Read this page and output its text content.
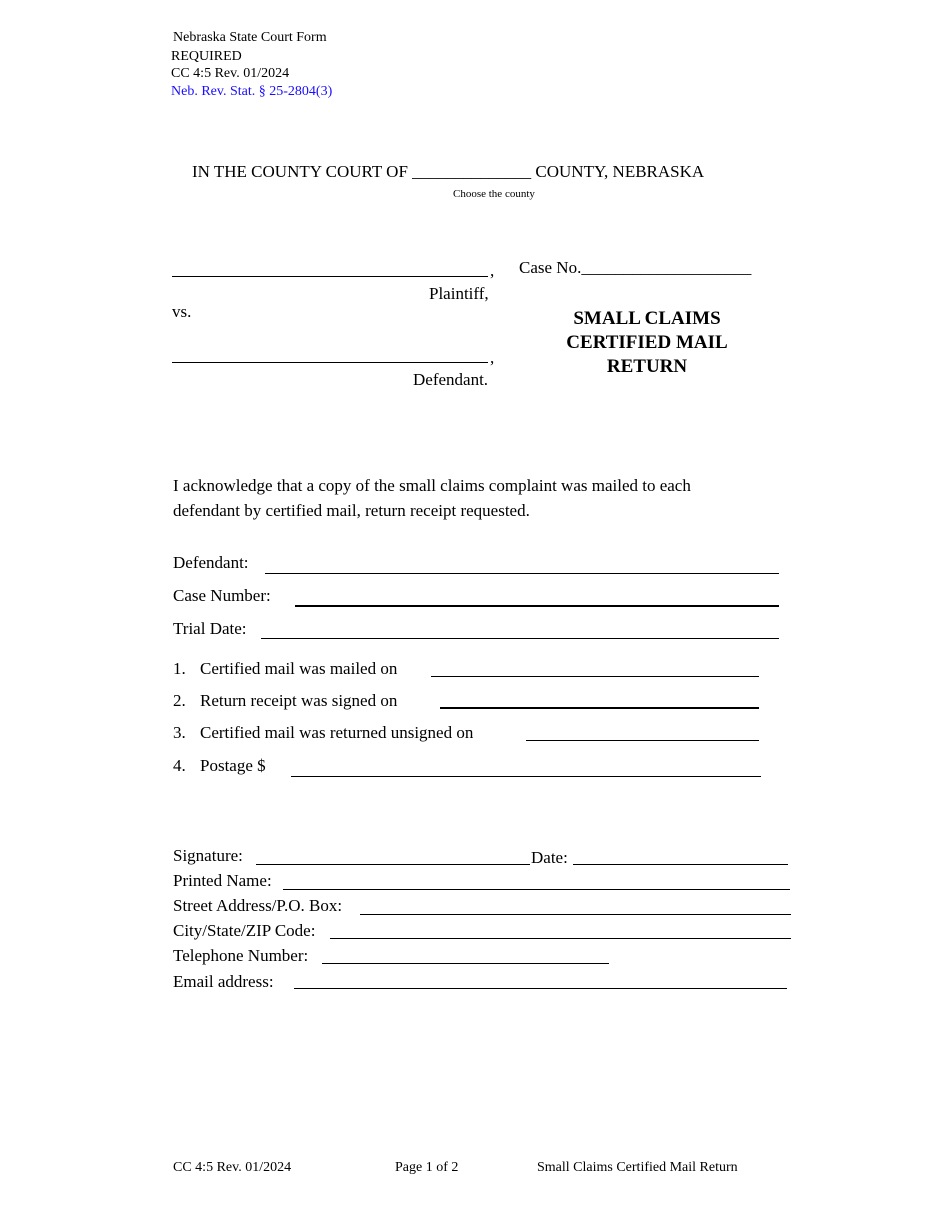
Nebraska State Court Form
REQUIRED
CC 4:5 Rev. 01/2024
Neb. Rev. Stat. § 25-2804(3)
IN THE COUNTY COURT OF ______________ COUNTY, NEBRASKA
Choose the county
,
Plaintiff,
vs.
,
Defendant.
Case No.____________________
SMALL CLAIMS
CERTIFIED MAIL
RETURN
I acknowledge that a copy of the small claims complaint was mailed to each
defendant by certified mail, return receipt requested.
Defendant:
Case Number:
Trial Date:
1. Certified mail was mailed on
2. Return receipt was signed on
3. Certified mail was returned unsigned on
4. Postage $
Signature:	Date:
Printed Name:
Street Address/P.O. Box:
City/State/ZIP Code:
Telephone Number:
Email address:
CC 4:5 Rev. 01/2024	Page 1 of 2	Small Claims Certified Mail Return
